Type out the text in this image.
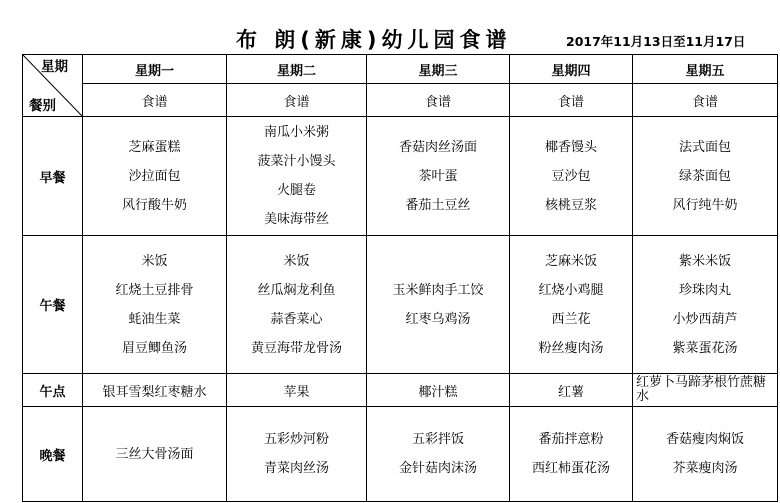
布 朗(新康)幼儿园食谱	2017年11月13日至11月17日
星期
餐别	星期一	星期二	星期三	星期四	星期五
	食谱	食谱	食谱	食谱	食谱
早餐	芝麻蛋糕
沙拉面包
风行酸牛奶	南瓜小米粥
菠菜汁小馒头
火腿卷
美味海带丝	香菇肉丝汤面
茶叶蛋
番茄土豆丝	椰香馒头
豆沙包
核桃豆浆	法式面包
绿茶面包
风行纯牛奶

午餐	米饭
红烧土豆排骨
蚝油生菜
眉豆鲫鱼汤	米饭
丝瓜焖龙利鱼
蒜香菜心
黄豆海带龙骨汤	玉米鲜肉手工饺
红枣乌鸡汤	芝麻米饭
红烧小鸡腿
西兰花
粉丝瘦肉汤	紫米米饭
珍珠肉丸
小炒西葫芦
紫菜蛋花汤

午点	银耳雪梨红枣糖水	苹果	椰汁糕	红薯	红萝卜马蹄茅根竹蔗糖水

晚餐	三丝大骨汤面	五彩炒河粉
青菜肉丝汤	五彩拌饭
金针菇肉沫汤	番茄拌意粉
西红柿蛋花汤	香菇瘦肉焖饭
芥菜瘦肉汤
